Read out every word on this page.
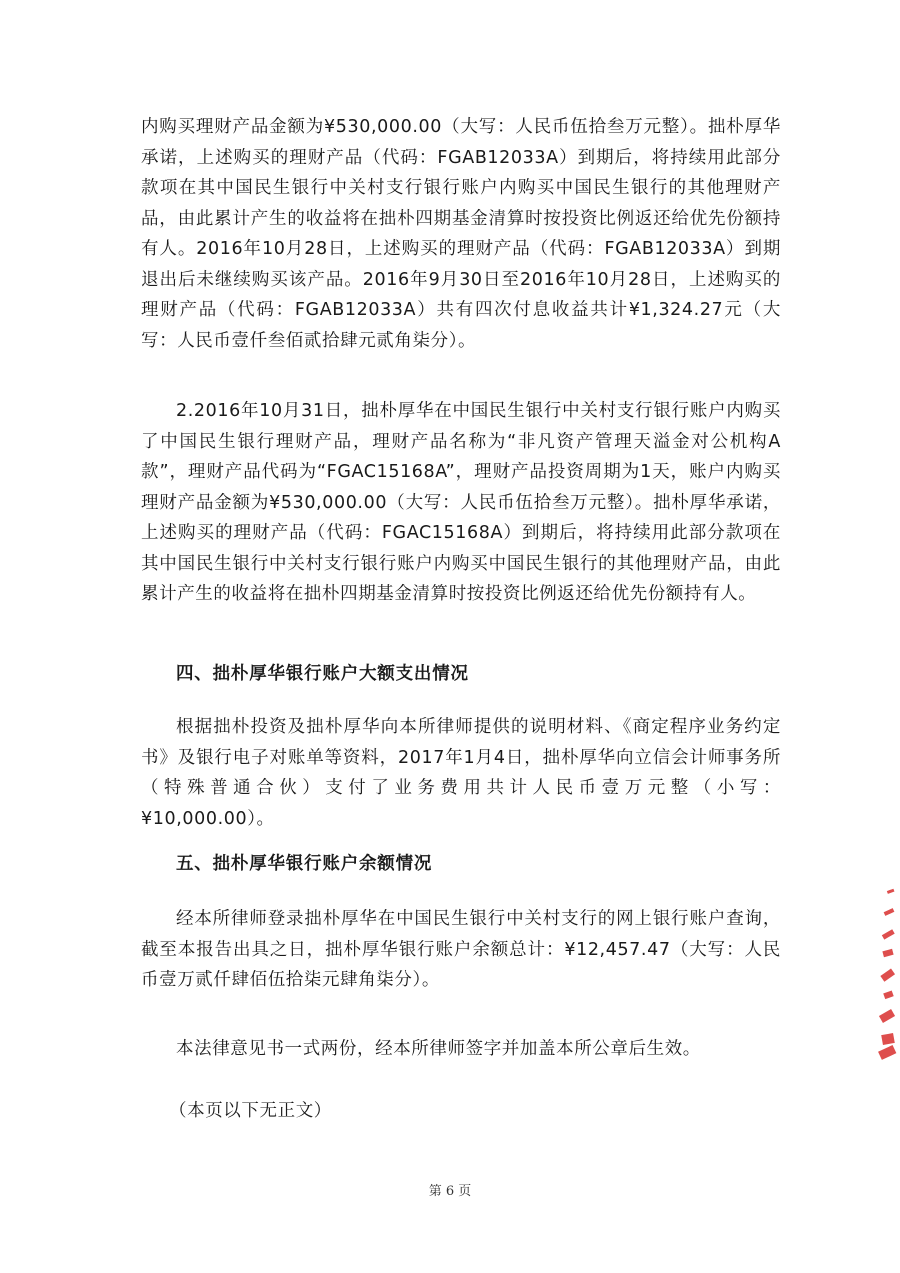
内购买理财产品金额为¥530,000.00（大写：人民币伍拾叁万元整）。拙朴厚华承诺，上述购买的理财产品（代码：FGAB12033A）到期后，将持续用此部分款项在其中国民生银行中关村支行银行账户内购买中国民生银行的其他理财产品，由此累计产生的收益将在拙朴四期基金清算时按投资比例返还给优先份额持有人。2016年10月28日，上述购买的理财产品（代码：FGAB12033A）到期退出后未继续购买该产品。2016年9月30日至2016年10月28日，上述购买的理财产品（代码：FGAB12033A）共有四次付息收益共计¥1,324.27元（大写：人民币壹仟叁佰贰拾肆元贰角柒分）。

2.2016年10月31日，拙朴厚华在中国民生银行中关村支行银行账户内购买了中国民生银行理财产品，理财产品名称为“非凡资产管理天溢金对公机构A款”，理财产品代码为“FGAC15168A”，理财产品投资周期为1天，账户内购买理财产品金额为¥530,000.00（大写：人民币伍拾叁万元整）。拙朴厚华承诺，上述购买的理财产品（代码：FGAC15168A）到期后，将持续用此部分款项在其中国民生银行中关村支行银行账户内购买中国民生银行的其他理财产品，由此累计产生的收益将在拙朴四期基金清算时按投资比例返还给优先份额持有人。

四、拙朴厚华银行账户大额支出情况

根据拙朴投资及拙朴厚华向本所律师提供的说明材料、《商定程序业务约定书》及银行电子对账单等资料，2017年1月4日，拙朴厚华向立信会计师事务所（特殊普通合伙）支付了业务费用共计人民币壹万元整（小写：¥10,000.00）。

五、拙朴厚华银行账户余额情况

经本所律师登录拙朴厚华在中国民生银行中关村支行的网上银行账户查询，截至本报告出具之日，拙朴厚华银行账户余额总计：¥12,457.47（大写：人民币壹万贰仟肆佰伍拾柒元肆角柒分）。

本法律意见书一式两份，经本所律师签字并加盖本所公章后生效。

（本页以下无正文）

第 6 页
